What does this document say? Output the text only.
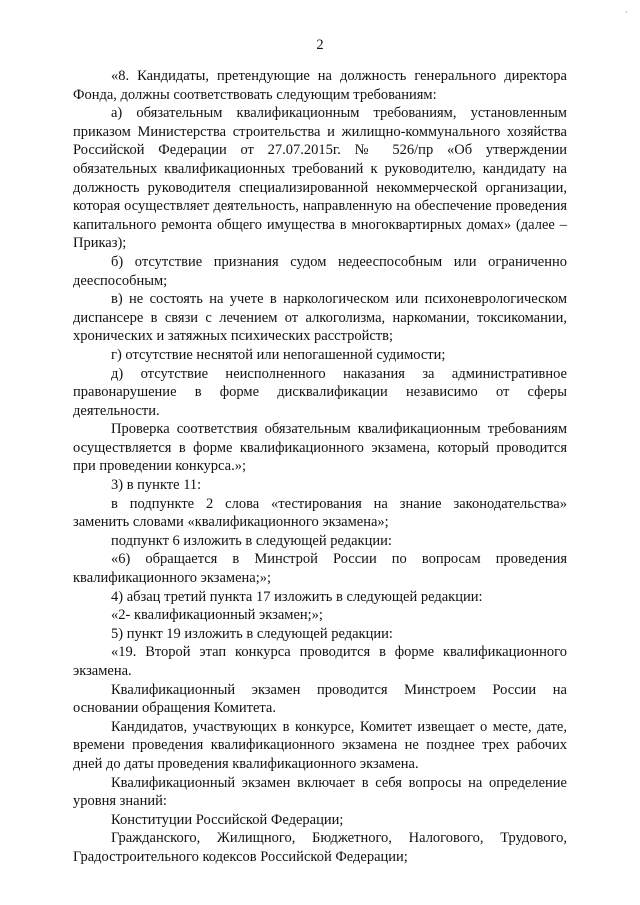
·
2

«8. Кандидаты, претендующие на должность генерального директора Фонда, должны соответствовать следующим требованиям:

а) обязательным квалификационным требованиям, установленным приказом Министерства строительства и жилищно-коммунального хозяйства Российской Федерации от 27.07.2015г. № 526/пр «Об утверждении обязательных квалификационных требований к руководителю, кандидату на должность руководителя специализированной некоммерческой организации, которая осуществляет деятельность, направленную на обеспечение проведения капитального ремонта общего имущества в многоквартирных домах» (далее – Приказ);

б) отсутствие признания судом недееспособным или ограниченно дееспособным;

в) не состоять на учете в наркологическом или психоневрологическом диспансере в связи с лечением от алкоголизма, наркомании, токсикомании, хронических и затяжных психических расстройств;

г) отсутствие неснятой или непогашенной судимости;

д) отсутствие неисполненного наказания за административное правонарушение в форме дисквалификации независимо от сферы деятельности.

Проверка соответствия обязательным квалификационным требованиям осуществляется в форме квалификационного экзамена, который проводится при проведении конкурса.»;

3) в пункте 11:

в подпункте 2 слова «тестирования на знание законодательства» заменить словами «квалификационного экзамена»;

подпункт 6 изложить в следующей редакции:

«6) обращается в Минстрой России по вопросам проведения квалификационного экзамена;»;

4) абзац третий пункта 17 изложить в следующей редакции:

«2- квалификационный экзамен;»;

5) пункт 19 изложить в следующей редакции:

«19. Второй этап конкурса проводится в форме квалификационного экзамена.

Квалификационный экзамен проводится Минстроем России на основании обращения Комитета.

Кандидатов, участвующих в конкурсе, Комитет извещает о месте, дате, времени проведения квалификационного экзамена не позднее трех рабочих дней до даты проведения квалификационного экзамена.

Квалификационный экзамен включает в себя вопросы на определение уровня знаний:

Конституции Российской Федерации;

Гражданского, Жилищного, Бюджетного, Налогового, Трудового, Градостроительного кодексов Российской Федерации;
